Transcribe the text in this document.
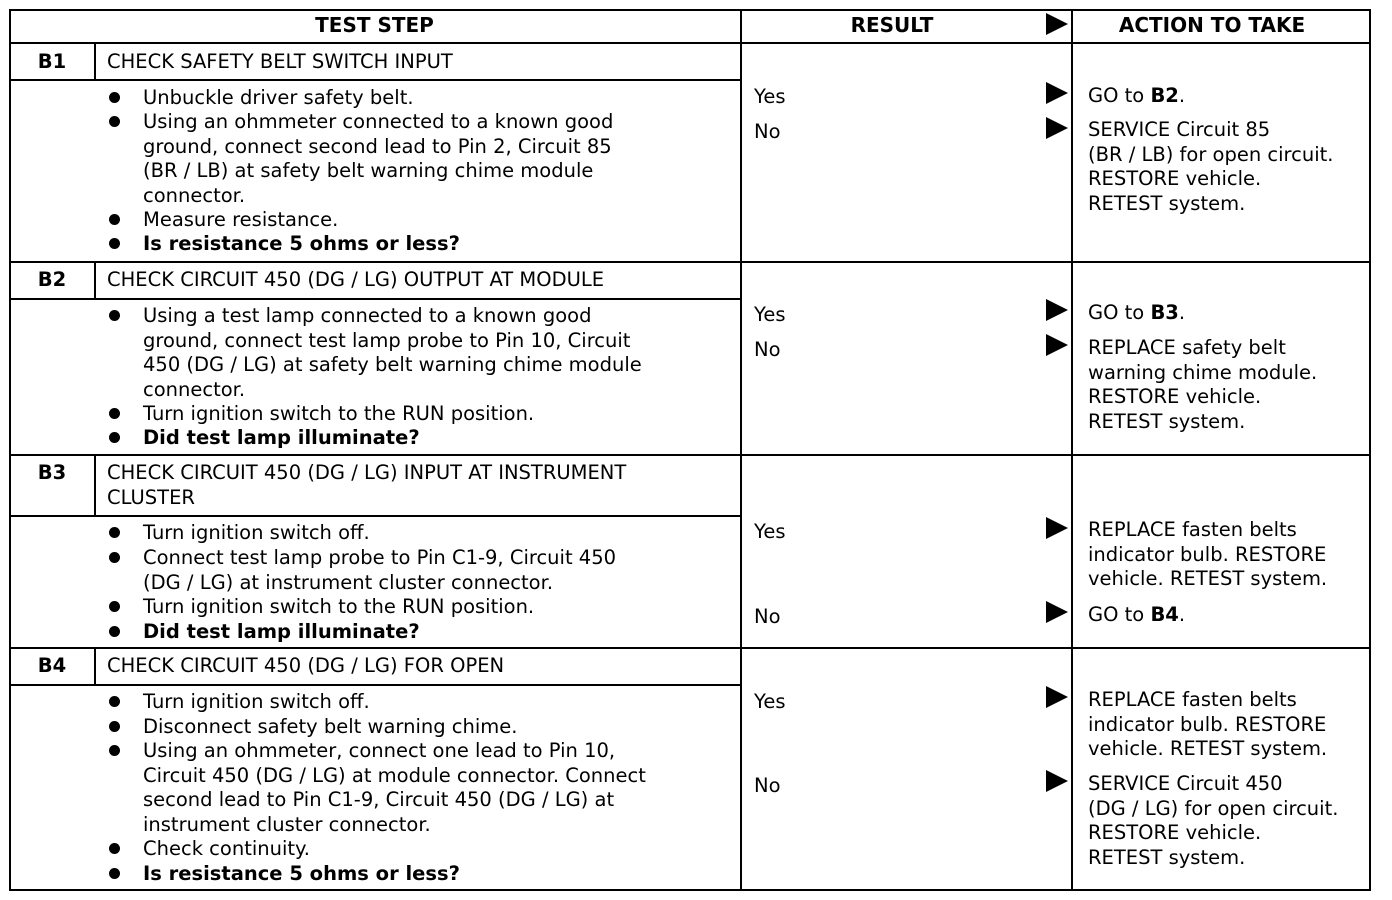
TEST STEP	RESULT	ACTION TO TAKE
B1	CHECK SAFETY BELT SWITCH INPUT
Unbuckle driver safety belt.
Using an ohmmeter connected to a known good
ground, connect second lead to Pin 2, Circuit 85
(BR / LB) at safety belt warning chime module
connector.
Measure resistance.
Is resistance 5 ohms or less?
Yes	GO to B2.
No	SERVICE Circuit 85
(BR / LB) for open circuit.
RESTORE vehicle.
RETEST system.
B2	CHECK CIRCUIT 450 (DG / LG) OUTPUT AT MODULE
Using a test lamp connected to a known good
ground, connect test lamp probe to Pin 10, Circuit
450 (DG / LG) at safety belt warning chime module
connector.
Turn ignition switch to the RUN position.
Did test lamp illuminate?
Yes	GO to B3.
No	REPLACE safety belt
warning chime module.
RESTORE vehicle.
RETEST system.
B3	CHECK CIRCUIT 450 (DG / LG) INPUT AT INSTRUMENT
CLUSTER
Turn ignition switch off.
Connect test lamp probe to Pin C1-9, Circuit 450
(DG / LG) at instrument cluster connector.
Turn ignition switch to the RUN position.
Did test lamp illuminate?
Yes	REPLACE fasten belts
indicator bulb. RESTORE
vehicle. RETEST system.
No	GO to B4.
B4	CHECK CIRCUIT 450 (DG / LG) FOR OPEN
Turn ignition switch off.
Disconnect safety belt warning chime.
Using an ohmmeter, connect one lead to Pin 10,
Circuit 450 (DG / LG) at module connector. Connect
second lead to Pin C1-9, Circuit 450 (DG / LG) at
instrument cluster connector.
Check continuity.
Is resistance 5 ohms or less?
Yes	REPLACE fasten belts
indicator bulb. RESTORE
vehicle. RETEST system.
No	SERVICE Circuit 450
(DG / LG) for open circuit.
RESTORE vehicle.
RETEST system.
